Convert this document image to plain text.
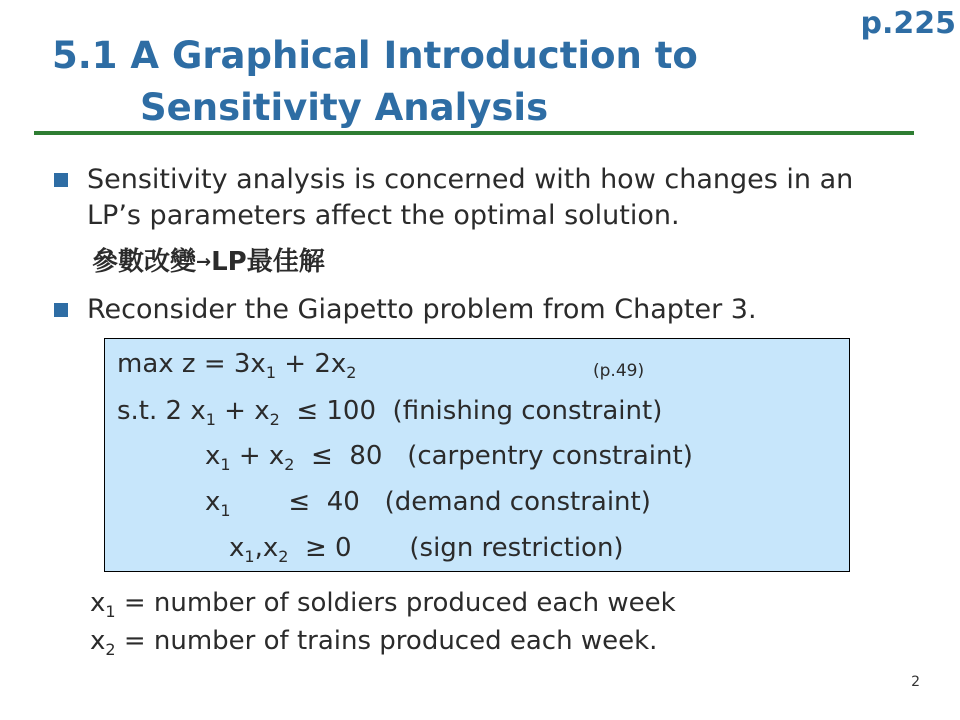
p.225
5.1 A Graphical Introduction to
Sensitivity Analysis
Sensitivity analysis is concerned with how changes in an LP’s parameters affect the optimal solution.
參數改變→LP最佳解
Reconsider the Giapetto problem from Chapter 3.
$\max z = 3x_1 + 2x_2$	(p.49)
s.t. 2 $x_1 + x_2 \le 100$  (finishing constraint)
$x_1 + x_2 \le 80$   (carpentry constraint)
$x_1$       ≤  40   (demand constraint)
$x_1,x_2 \ge 0$       (sign restriction)
$x_1$ = number of soldiers produced each week
$x_2$ = number of trains produced each week.
2
